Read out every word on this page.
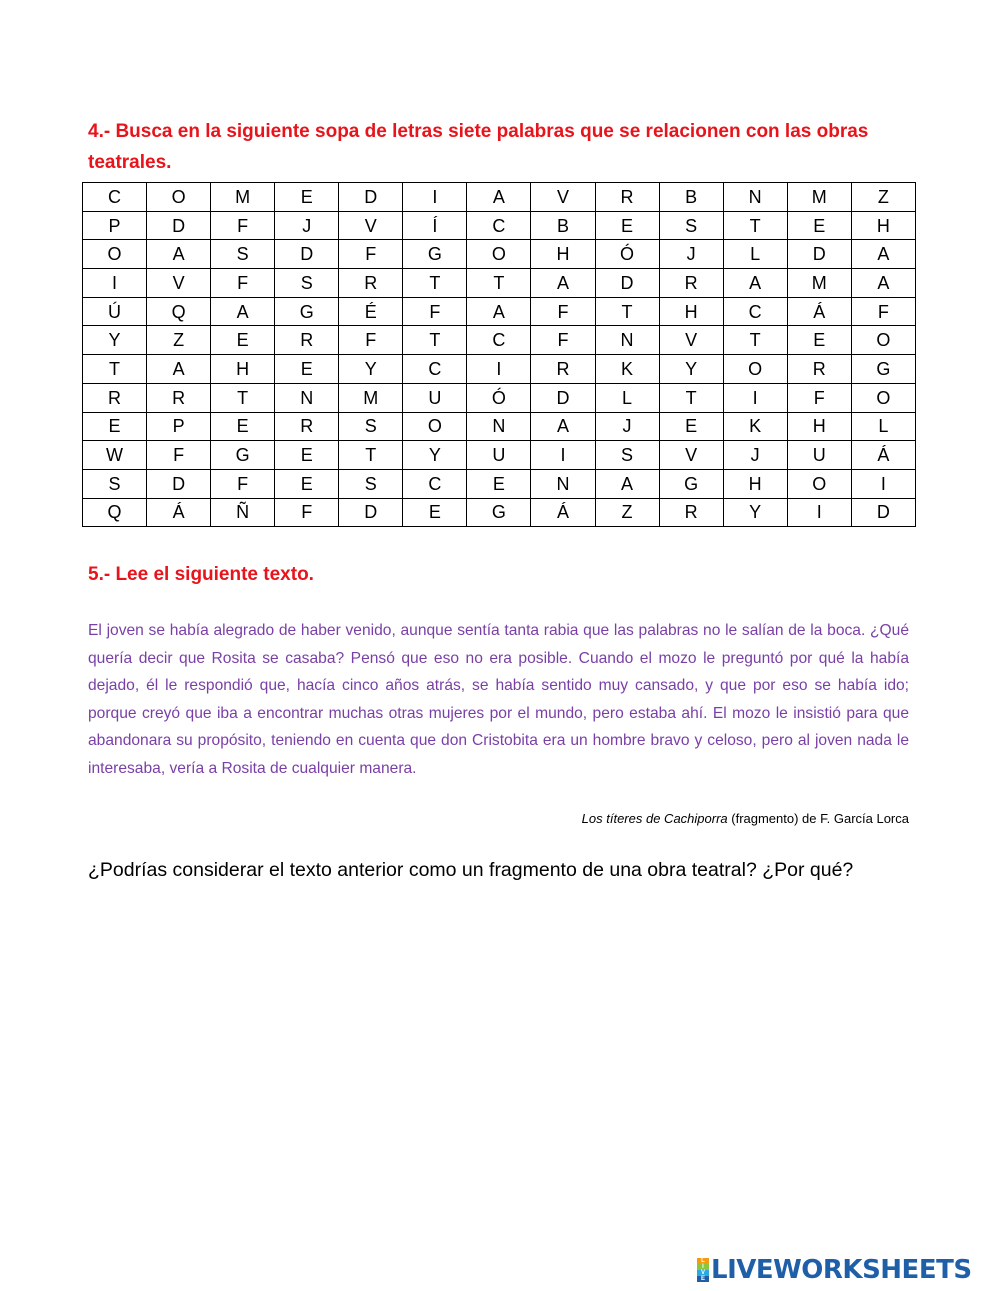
4.- Busca en la siguiente sopa de letras siete palabras que se relacionen con las obras teatrales.
C	O	M	E	D	I	A	V	R	B	N	M	Z
P	D	F	J	V	Í	C	B	E	S	T	E	H
O	A	S	D	F	G	O	H	Ó	J	L	D	A
I	V	F	S	R	T	T	A	D	R	A	M	A
Ú	Q	A	G	É	F	A	F	T	H	C	Á	F
Y	Z	E	R	F	T	C	F	N	V	T	E	O
T	A	H	E	Y	C	I	R	K	Y	O	R	G
R	R	T	N	M	U	Ó	D	L	T	I	F	O
E	P	E	R	S	O	N	A	J	E	K	H	L
W	F	G	E	T	Y	U	I	S	V	J	U	Á
S	D	F	E	S	C	E	N	A	G	H	O	I
Q	Á	Ñ	F	D	E	G	Á	Z	R	Y	I	D
5.- Lee el siguiente texto.

El joven se había alegrado de haber venido, aunque sentía tanta rabia que las palabras no le salían de la boca. ¿Qué quería decir que Rosita se casaba? Pensó que eso no era posible. Cuando el mozo le preguntó por qué la había dejado, él le respondió que, hacía cinco años atrás, se había sentido muy cansado, y que por eso se había ido; porque creyó que iba a encontrar muchas otras mujeres por el mundo, pero estaba ahí. El mozo le insistió para que abandonara su propósito, teniendo en cuenta que don Cristobita era un hombre bravo y celoso, pero al joven nada le interesaba, vería a Rosita de cualquier manera.

Los títeres de Cachiporra (fragmento) de F. García Lorca

¿Podrías considerar el texto anterior como un fragmento de una obra teatral? ¿Por qué?

L
I
V
E LIVEWORKSHEETS
